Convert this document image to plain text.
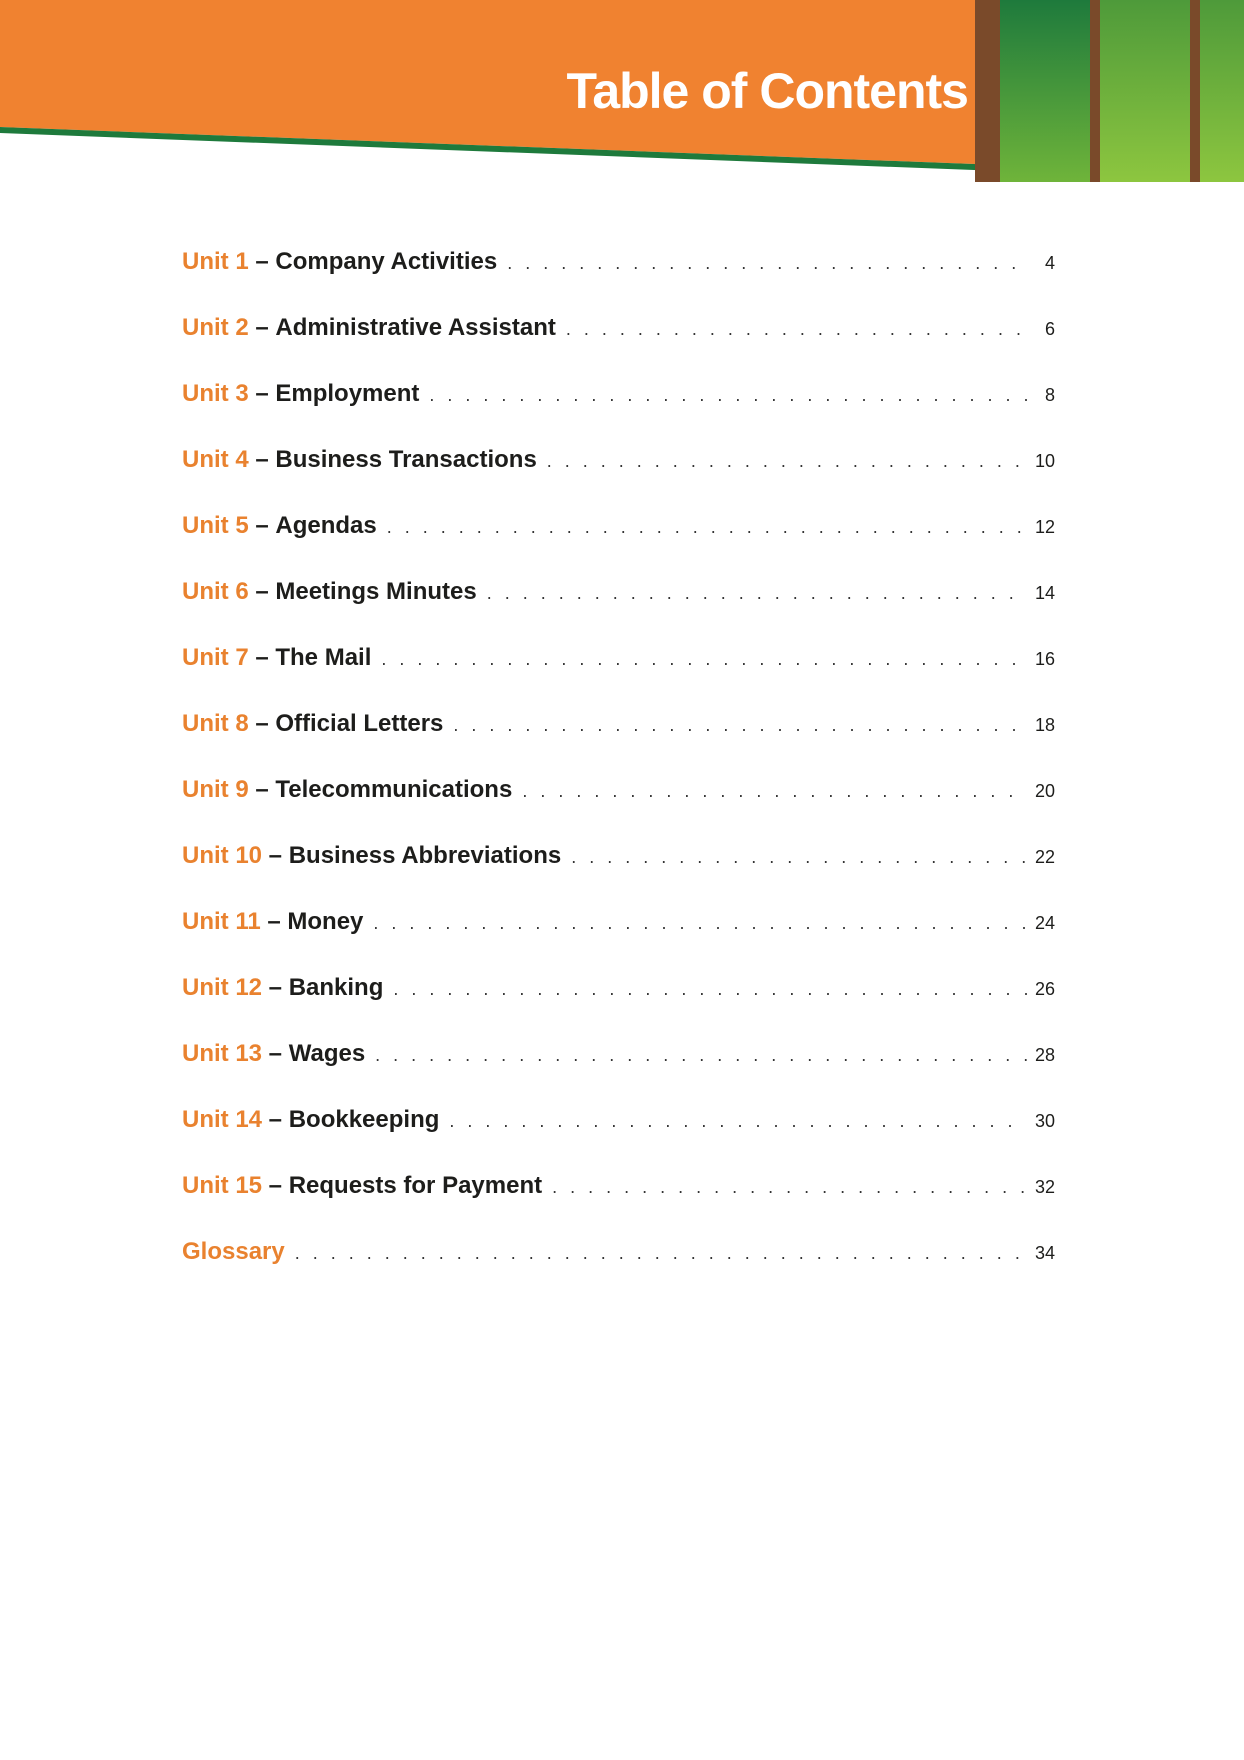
Table of Contents
Unit 1 – Company Activities . . .	4
Unit 2 – Administrative Assistant . . .	6
Unit 3 – Employment . . .	8
Unit 4 – Business Transactions . . .	10
Unit 5 – Agendas . . .	12
Unit 6 – Meetings Minutes . . .	14
Unit 7 – The Mail . . .	16
Unit 8 – Official Letters . . .	18
Unit 9 – Telecommunications . . .	20
Unit 10 – Business Abbreviations . . .	22
Unit 11 – Money . . .	24
Unit 12 – Banking . . .	26
Unit 13 – Wages . . .	28
Unit 14 – Bookkeeping . . .	30
Unit 15 – Requests for Payment . . .	32
Glossary . . .	34
